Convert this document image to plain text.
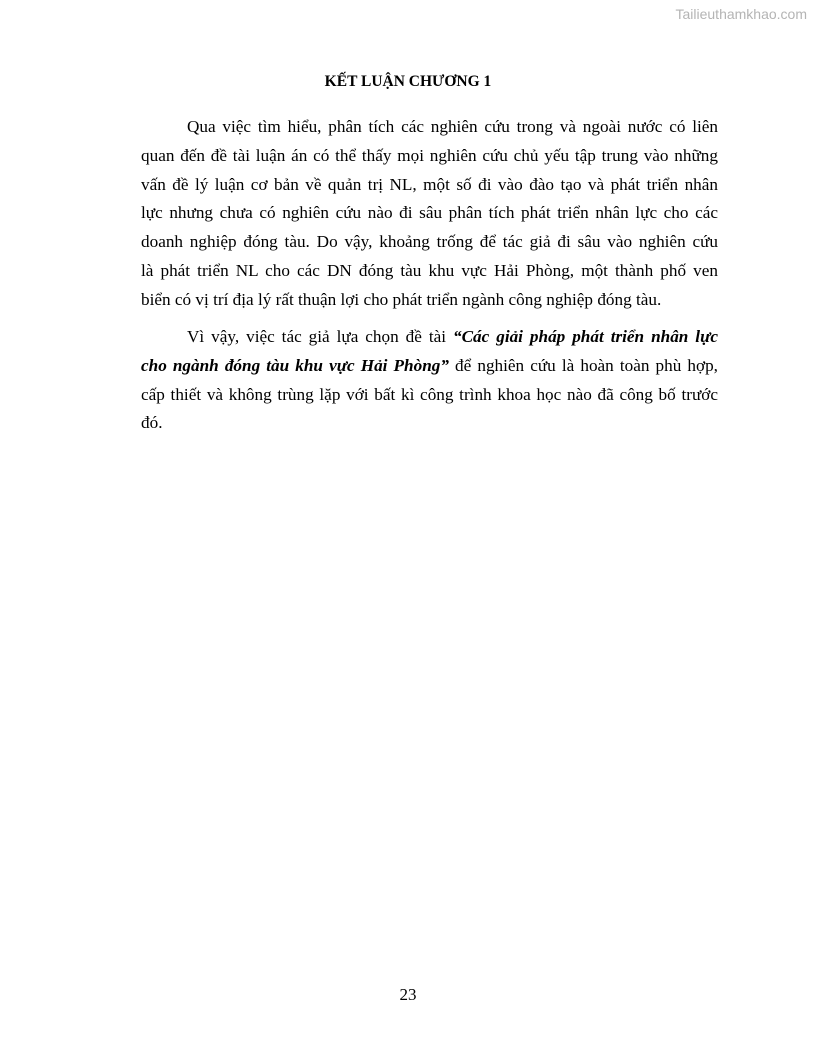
Tailieuthamkhao.com
KẾT LUẬN CHƯƠNG 1
Qua việc tìm hiểu, phân tích các nghiên cứu trong và ngoài nước có liên
quan đến đề tài luận án có thể thấy mọi nghiên cứu chủ yếu tập trung vào những
vấn đề lý luận cơ bản về quản trị NL, một số đi vào đào tạo và phát triển nhân
lực nhưng chưa có nghiên cứu nào đi sâu phân tích phát triển nhân lực cho các
doanh nghiệp đóng tàu. Do vậy, khoảng trống để tác giả đi sâu vào nghiên cứu
là phát triển NL cho các DN đóng tàu khu vực Hải Phòng, một thành phố ven
biển có vị trí địa lý rất thuận lợi cho phát triển ngành công nghiệp đóng tàu.
Vì vậy, việc tác giả lựa chọn đề tài “Các giải pháp phát triển nhân lực
cho ngành đóng tàu khu vực Hải Phòng” để nghiên cứu là hoàn toàn phù hợp,
cấp thiết và không trùng lặp với bất kì công trình khoa học nào đã công bố trước
đó.
23
